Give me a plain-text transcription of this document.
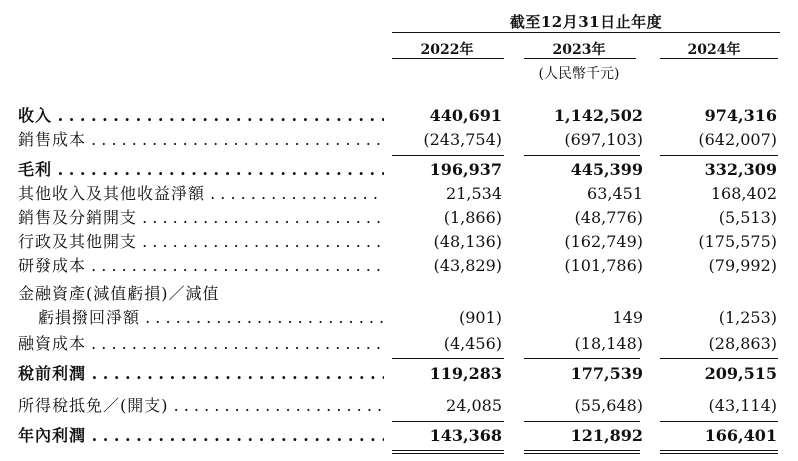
截至12月31日止年度
2022年	2023年	2024年
(人民幣千元)
收入 . . .	440,691	1,142,502	974,316
銷售成本 . . .	(243,754)	(697,103)	(642,007)
毛利 . . .	196,937	445,399	332,309
其他收入及其他收益淨額 . . .	21,534	63,451	168,402
銷售及分銷開支 . . .	(1,866)	(48,776)	(5,513)
行政及其他開支 . . .	(48,136)	(162,749)	(175,575)
研發成本 . . .	(43,829)	(101,786)	(79,992)
金融資產(減值虧損)／減值
虧損撥回淨額 . . .	(901)	149	(1,253)
融資成本 . . .	(4,456)	(18,148)	(28,863)
稅前利潤 . . .	119,283	177,539	209,515
所得稅抵免／(開支) . . .	24,085	(55,648)	(43,114)
年內利潤 . . .	143,368	121,892	166,401
